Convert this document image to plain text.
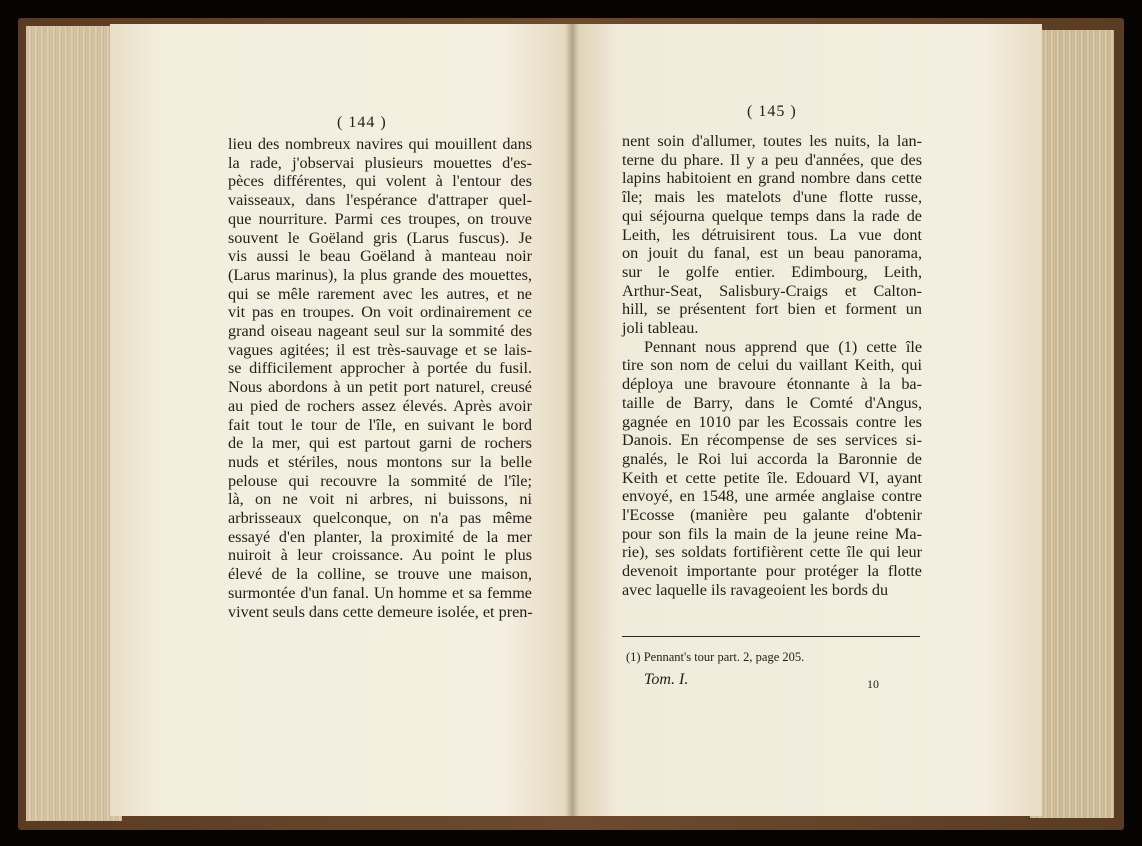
( 144 )
lieu des nombreux navires qui mouillent dans
la rade, j'observai plusieurs mouettes d'es-
pèces différentes, qui volent à l'entour des
vaisseaux, dans l'espérance d'attraper quel-
que nourriture. Parmi ces troupes, on trouve
souvent le Goëland gris (Larus fuscus). Je
vis aussi le beau Goëland à manteau noir
(Larus marinus), la plus grande des mouettes,
qui se mêle rarement avec les autres, et ne
vit pas en troupes. On voit ordinairement ce
grand oiseau nageant seul sur la sommité des
vagues agitées; il est très-sauvage et se lais-
se difficilement approcher à portée du fusil.
Nous abordons à un petit port naturel, creusé
au pied de rochers assez élevés. Après avoir
fait tout le tour de l'île, en suivant le bord
de la mer, qui est partout garni de rochers
nuds et stériles, nous montons sur la belle
pelouse qui recouvre la sommité de l'île;
là, on ne voit ni arbres, ni buissons, ni
arbrisseaux quelconque, on n'a pas même
essayé d'en planter, la proximité de la mer
nuiroit à leur croissance. Au point le plus
élevé de la colline, se trouve une maison,
surmontée d'un fanal. Un homme et sa femme
vivent seuls dans cette demeure isolée, et pren-
( 145 )
nent soin d'allumer, toutes les nuits, la lan-
terne du phare. Il y a peu d'années, que des
lapins habitoient en grand nombre dans cette
île; mais les matelots d'une flotte russe,
qui séjourna quelque temps dans la rade de
Leith, les détruisirent tous. La vue dont
on jouit du fanal, est un beau panorama,
sur le golfe entier. Edimbourg, Leith,
Arthur-Seat, Salisbury-Craigs et Calton-
hill, se présentent fort bien et forment un
joli tableau.
Pennant nous apprend que (1) cette île
tire son nom de celui du vaillant Keith, qui
déploya une bravoure étonnante à la ba-
taille de Barry, dans le Comté d'Angus,
gagnée en 1010 par les Ecossais contre les
Danois. En récompense de ses services si-
gnalés, le Roi lui accorda la Baronnie de
Keith et cette petite île. Edouard VI, ayant
envoyé, en 1548, une armée anglaise contre
l'Ecosse (manière peu galante d'obtenir
pour son fils la main de la jeune reine Ma-
rie), ses soldats fortifièrent cette île qui leur
devenoit importante pour protéger la flotte
avec laquelle ils ravageoient les bords du
(1) Pennant's tour part. 2, page 205.
Tom. I.	10
